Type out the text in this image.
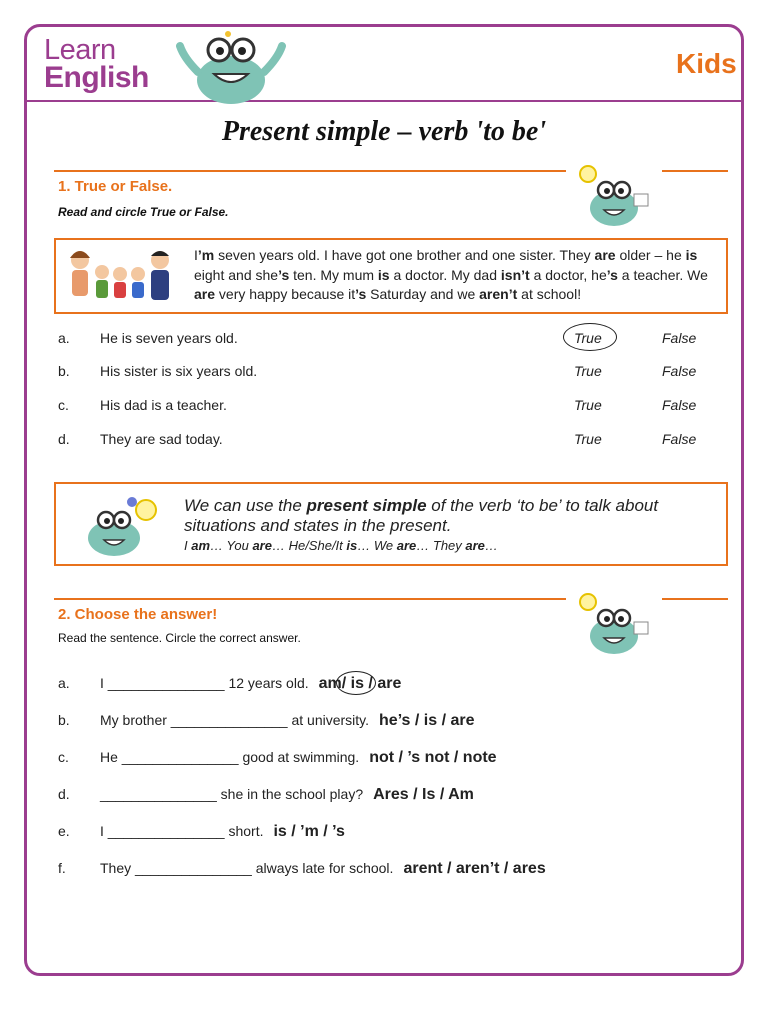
Learn
English	Kids
Present simple – verb 'to be'
1. True or False.
Read and circle True or False.
I’m seven years old. I have got one brother and one sister. They are older – he is eight and she’s ten. My mum is a doctor. My dad isn’t a doctor, he’s a teacher. We are very happy because it’s Saturday and we aren’t at school!
a. He is seven years old.	True	False
b. His sister is six years old.	True	False
c. His dad is a teacher.	True	False
d. They are sad today.	True	False
We can use the present simple of the verb ‘to be’ to talk about situations and states in the present.
I am… You are… He/She/It is… We are… They are…
2. Choose the answer!
Read the sentence. Circle the correct answer.
a. I _______________ 12 years old. am/ is / are
b. My brother _______________ at university. he’s / is / are
c. He _______________ good at swimming. not / ’s not / note
d. _______________ she in the school play? Ares / Is / Am
e. I _______________ short. is / ’m / ’s
f. They _______________ always late for school. arent / aren’t / ares
